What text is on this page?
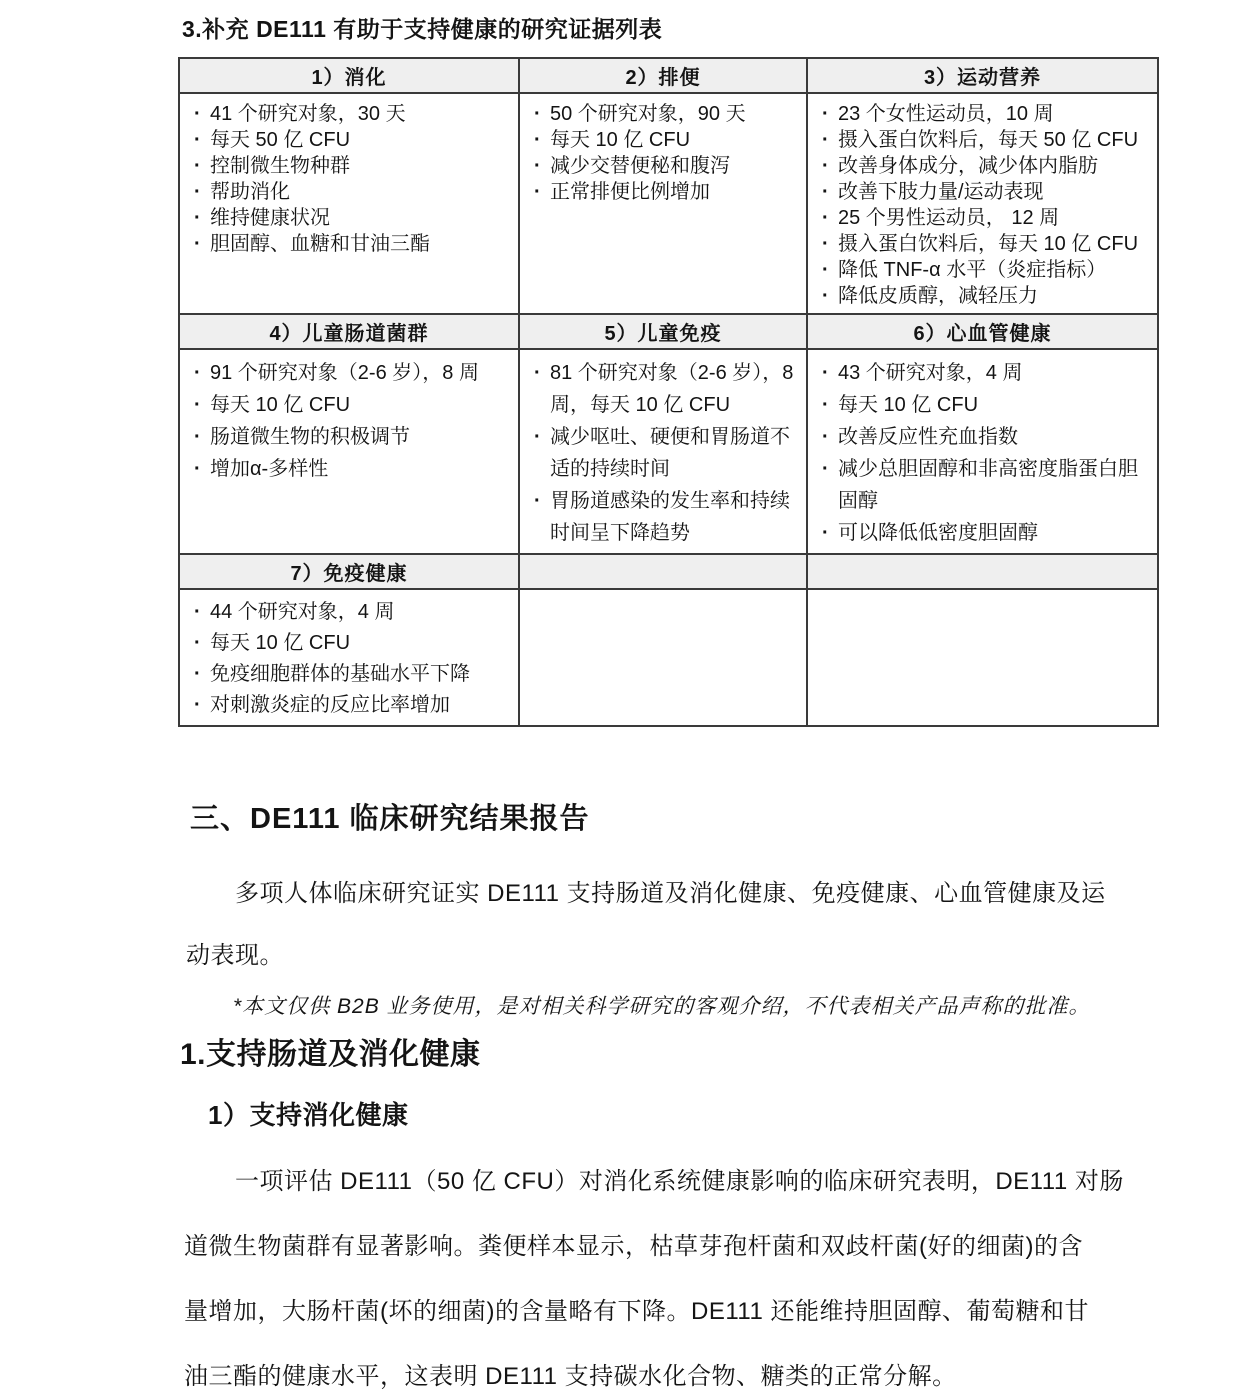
3.补充 DE111 有助于支持健康的研究证据列表
1）消化	2）排便	3）运动营养

· 41 个研究对象，30 天
· 每天 50 亿 CFU
· 控制微生物种群
· 帮助消化
· 维持健康状况
· 胆固醇、血糖和甘油三酯

· 50 个研究对象，90 天
· 每天 10 亿 CFU
· 减少交替便秘和腹泻
· 正常排便比例增加

· 23 个女性运动员，10 周
· 摄入蛋白饮料后，每天 50 亿 CFU
· 改善身体成分，减少体内脂肪
· 改善下肢力量/运动表现
· 25 个男性运动员， 12 周
· 摄入蛋白饮料后，每天 10 亿 CFU
· 降低 TNF-α 水平（炎症指标）
· 降低皮质醇，减轻压力

4）儿童肠道菌群	5）儿童免疫	6）心血管健康

· 91 个研究对象（2-6 岁），8 周
· 每天 10 亿 CFU
· 肠道微生物的积极调节
· 增加α-多样性

· 81 个研究对象（2-6 岁），8 周，每天 10 亿 CFU
· 减少呕吐、硬便和胃肠道不适的持续时间
· 胃肠道感染的发生率和持续时间呈下降趋势

· 43 个研究对象，4 周
· 每天 10 亿 CFU
· 改善反应性充血指数
· 减少总胆固醇和非高密度脂蛋白胆固醇
· 可以降低低密度胆固醇

7）免疫健康		

· 44 个研究对象，4 周
· 每天 10 亿 CFU
· 免疫细胞群体的基础水平下降
· 对刺激炎症的反应比率增加

三、DE111 临床研究结果报告
多项人体临床研究证实 DE111 支持肠道及消化健康、免疫健康、心血管健康及运
动表现。
*本文仅供 B2B 业务使用，是对相关科学研究的客观介绍，不代表相关产品声称的批准。
1.支持肠道及消化健康
1）支持消化健康
一项评估 DE111（50 亿 CFU）对消化系统健康影响的临床研究表明，DE111 对肠
道微生物菌群有显著影响。粪便样本显示，枯草芽孢杆菌和双歧杆菌(好的细菌)的含
量增加，大肠杆菌(坏的细菌)的含量略有下降。DE111 还能维持胆固醇、葡萄糖和甘
油三酯的健康水平，这表明 DE111 支持碳水化合物、糖类的正常分解。
